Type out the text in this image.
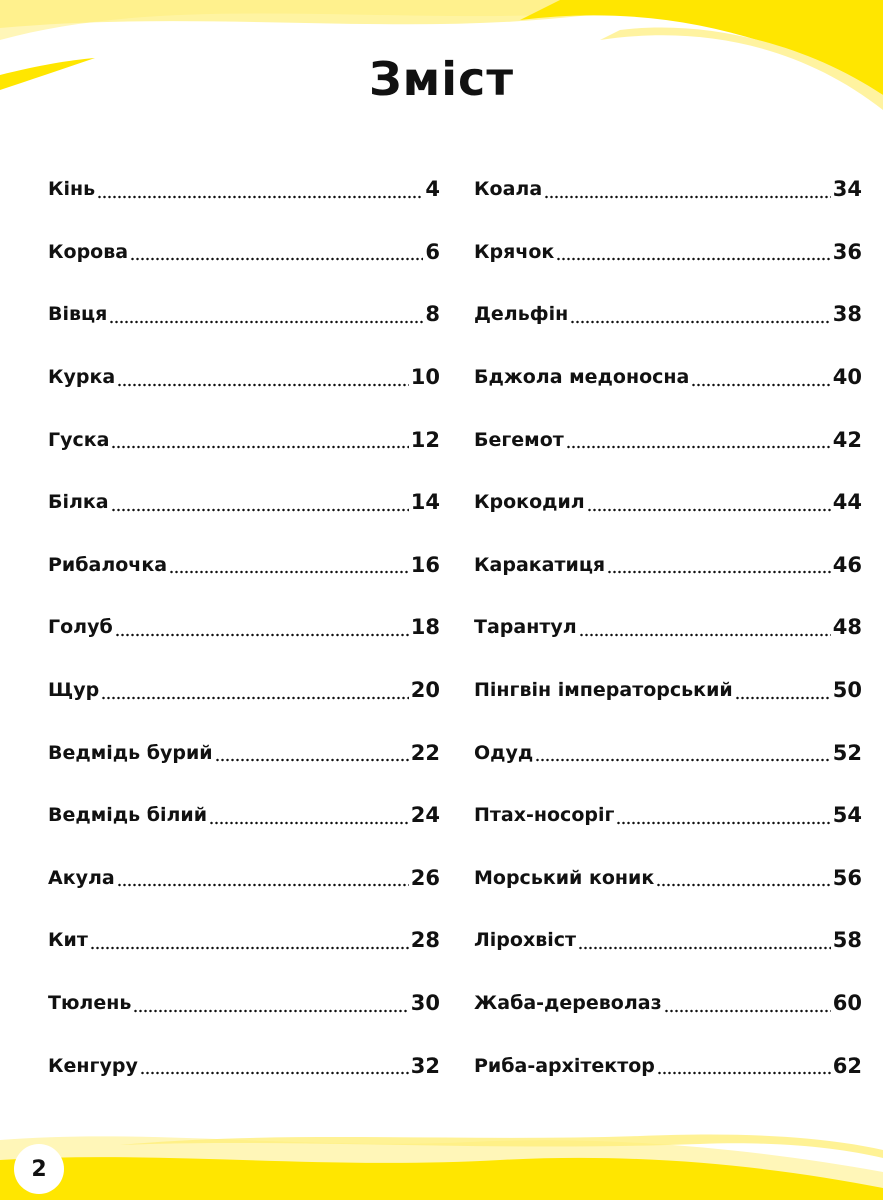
Зміст
Кінь	4
Корова	6
Вівця	8
Курка	10
Гуска	12
Білка	14
Рибалочка	16
Голуб	18
Щур	20
Ведмідь бурий	22
Ведмідь білий	24
Акула	26
Кит	28
Тюлень	30
Кенгуру	32
Коала	34
Крячок	36
Дельфін	38
Бджола медоносна	40
Бегемот	42
Крокодил	44
Каракатиця	46
Тарантул	48
Пінгвін імператорський	50
Одуд	52
Птах-носоріг	54
Морський коник	56
Лірохвіст	58
Жаба-дереволаз	60
Риба-архітектор	62
2
